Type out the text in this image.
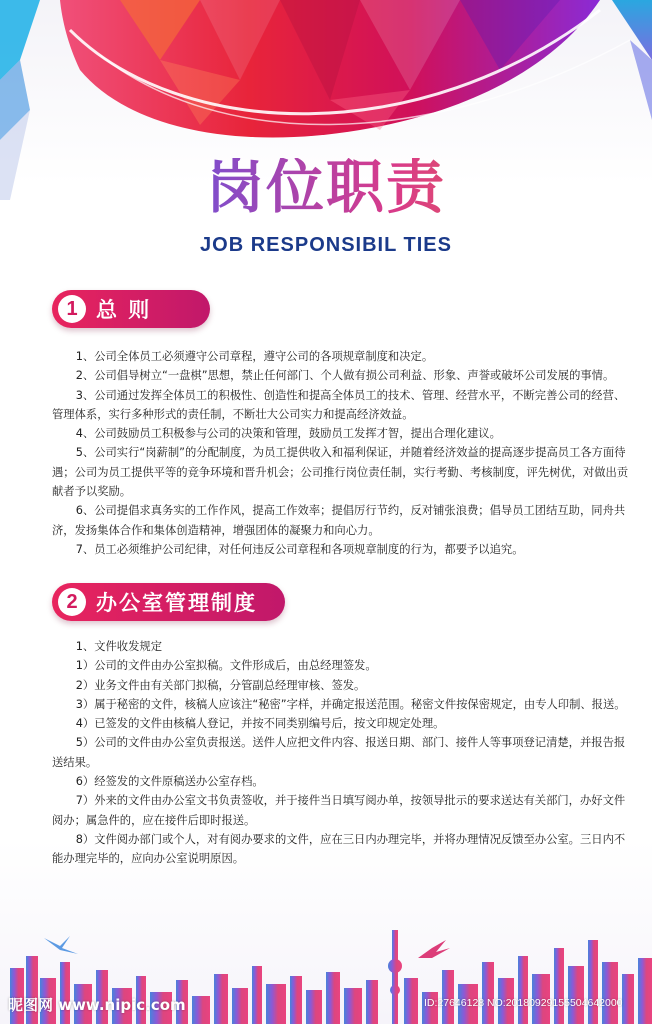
岗位职责
JOB RESPONSIBIL TIES
1 总 则

1、公司全体员工必须遵守公司章程，遵守公司的各项规章制度和决定。

2、公司倡导树立“一盘棋”思想，禁止任何部门、个人做有损公司利益、形象、声誉或破坏公司发展的事情。

3、公司通过发挥全体员工的积极性、创造性和提高全体员工的技术、管理、经营水平，不断完善公司的经营、管理体系，实行多种形式的责任制，不断壮大公司实力和提高经济效益。

4、公司鼓励员工积极参与公司的决策和管理，鼓励员工发挥才智，提出合理化建议。

5、公司实行“岗薪制”的分配制度，为员工提供收入和福利保证，并随着经济效益的提高逐步提高员工各方面待遇；公司为员工提供平等的竞争环境和晋升机会；公司推行岗位责任制，实行考勤、考核制度，评先树优，对做出贡献者予以奖励。

6、公司提倡求真务实的工作作风，提高工作效率；提倡厉行节约，反对铺张浪费；倡导员工团结互助，同舟共济，发扬集体合作和集体创造精神，增强团体的凝聚力和向心力。

7、员工必须维护公司纪律，对任何违反公司章程和各项规章制度的行为，都要予以追究。

2 办公室管理制度

1、文件收发规定

1）公司的文件由办公室拟稿。文件形成后，由总经理签发。

2）业务文件由有关部门拟稿，分管副总经理审核、签发。

3）属于秘密的文件，核稿人应该注“秘密”字样，并确定报送范围。秘密文件按保密规定，由专人印制、报送。

4）已签发的文件由核稿人登记，并按不同类别编号后，按文印规定处理。

5）公司的文件由办公室负责报送。送件人应把文件内容、报送日期、部门、接件人等事项登记清楚，并报告报送结果。

6）经签发的文件原稿送办公室存档。

7）外来的文件由办公室文书负责签收，并于接件当日填写阅办单，按领导批示的要求送达有关部门，办好文件阅办；属急件的，应在接件后即时报送。

8）文件阅办部门或个人，对有阅办要求的文件，应在三日内办理完毕，并将办理情况反馈至办公室。三日内不能办理完毕的，应向办公室说明原因。

昵图网 www.nipic.com	ID:27646128 NO:20180929155504642000
